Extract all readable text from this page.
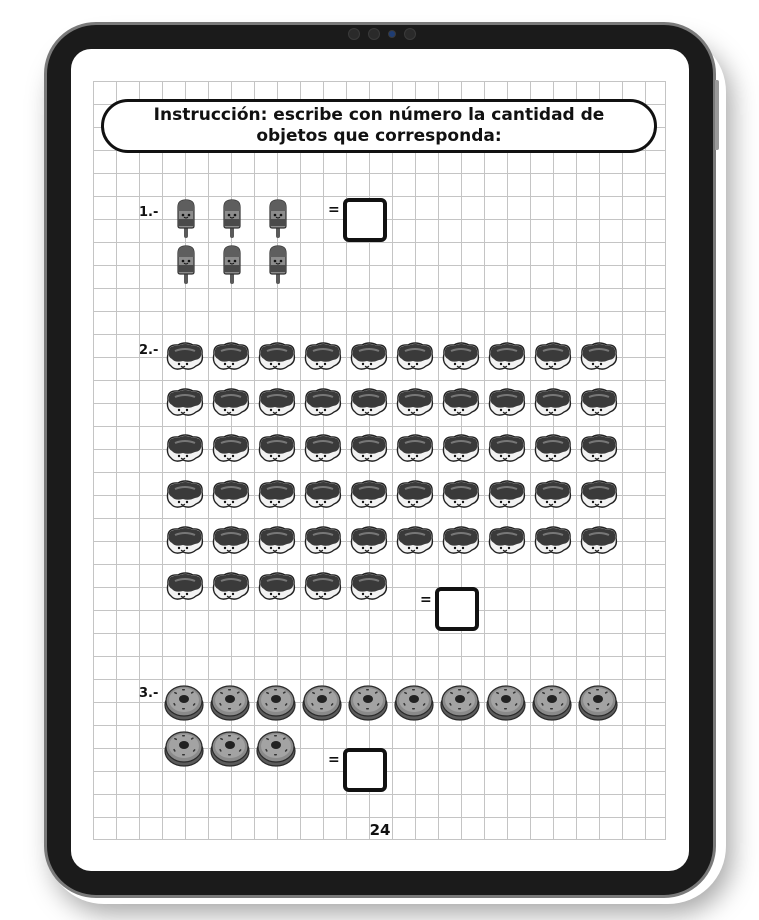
Instrucción: escribe con número la cantidad de
objetos que corresponda:
1.-	=
2.-
=
3.-
=
24
